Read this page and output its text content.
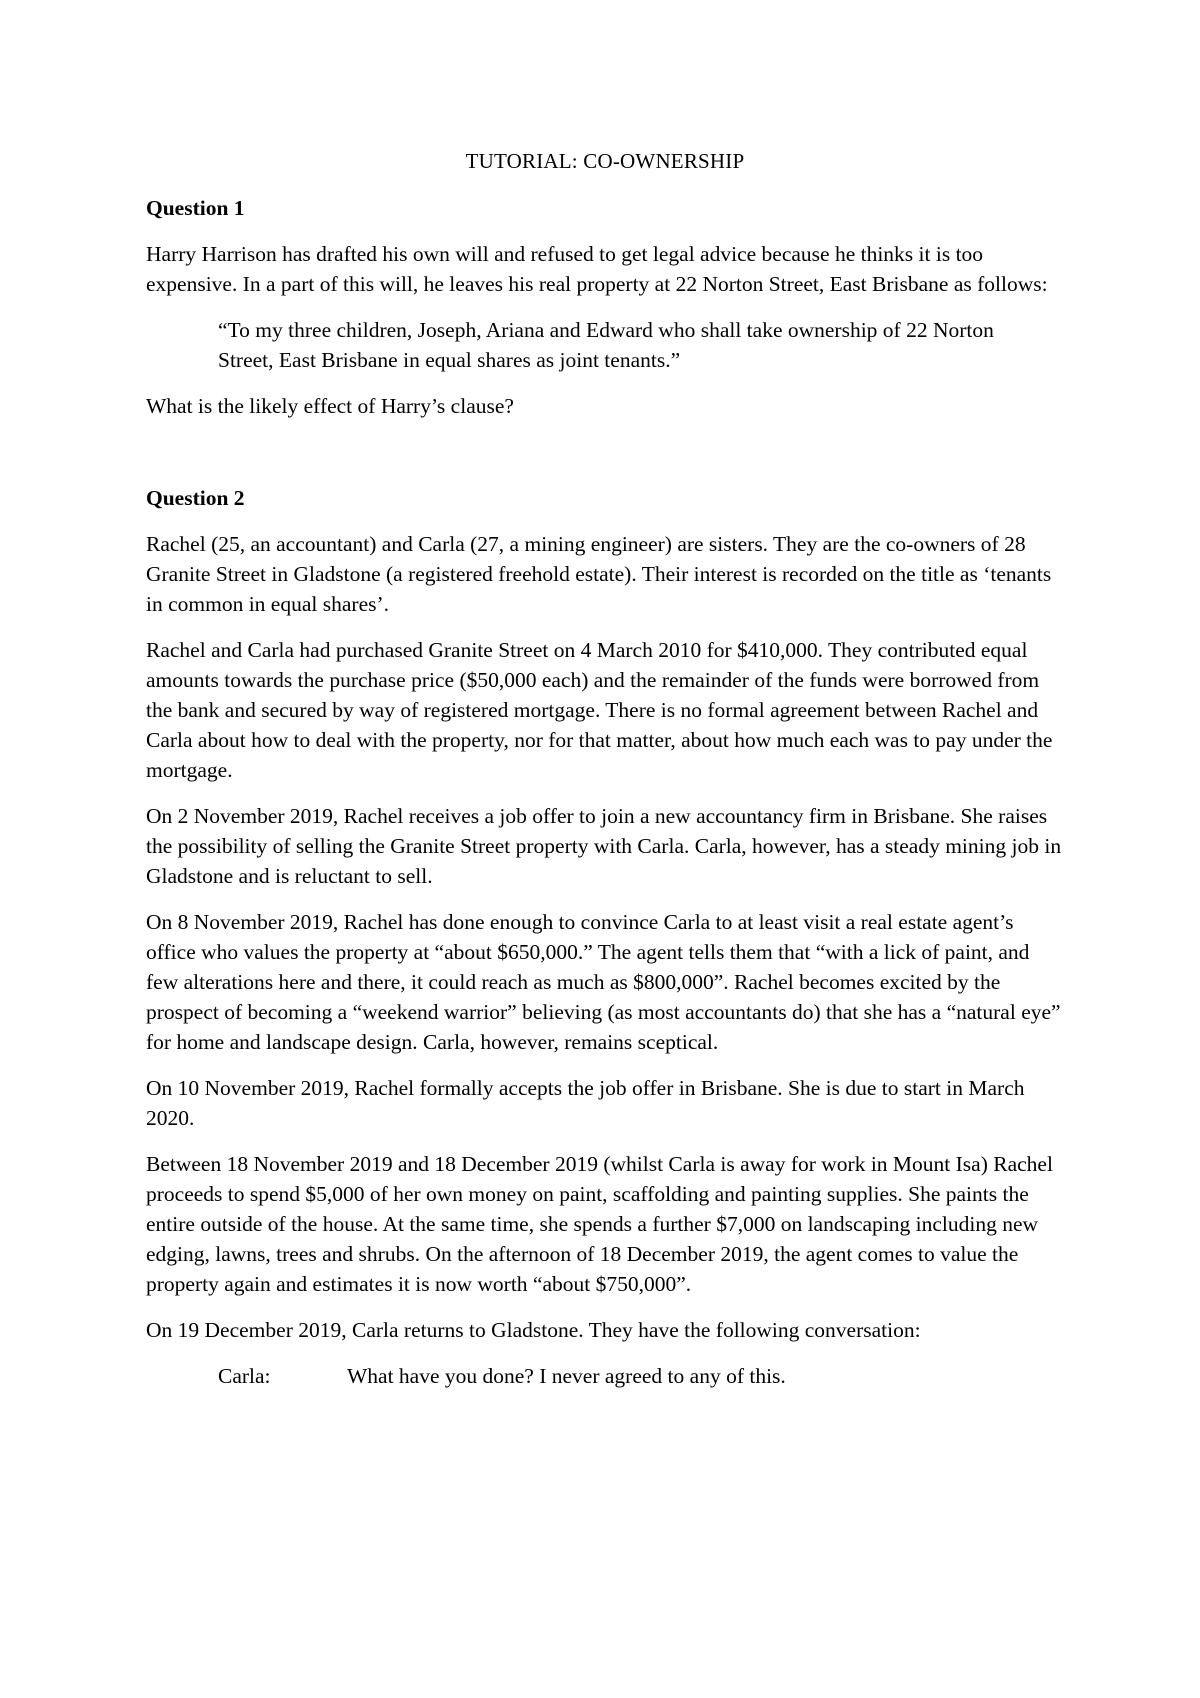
TUTORIAL: CO-OWNERSHIP
Question 1

Harry Harrison has drafted his own will and refused to get legal advice because he thinks it is too expensive. In a part of this will, he leaves his real property at 22 Norton Street, East Brisbane as follows:

“To my three children, Joseph, Ariana and Edward who shall take ownership of 22 Norton Street, East Brisbane in equal shares as joint tenants.”

What is the likely effect of Harry’s clause?

Question 2

Rachel (25, an accountant) and Carla (27, a mining engineer) are sisters. They are the co-owners of 28 Granite Street in Gladstone (a registered freehold estate). Their interest is recorded on the title as ‘tenants in common in equal shares’.

Rachel and Carla had purchased Granite Street on 4 March 2010 for $410,000. They contributed equal amounts towards the purchase price ($50,000 each) and the remainder of the funds were borrowed from the bank and secured by way of registered mortgage. There is no formal agreement between Rachel and Carla about how to deal with the property, nor for that matter, about how much each was to pay under the mortgage.

On 2 November 2019, Rachel receives a job offer to join a new accountancy firm in Brisbane. She raises the possibility of selling the Granite Street property with Carla. Carla, however, has a steady mining job in Gladstone and is reluctant to sell.

On 8 November 2019, Rachel has done enough to convince Carla to at least visit a real estate agent’s office who values the property at “about $650,000.” The agent tells them that “with a lick of paint, and few alterations here and there, it could reach as much as $800,000”. Rachel becomes excited by the prospect of becoming a “weekend warrior” believing (as most accountants do) that she has a “natural eye” for home and landscape design. Carla, however, remains sceptical.

On 10 November 2019, Rachel formally accepts the job offer in Brisbane. She is due to start in March 2020.

Between 18 November 2019 and 18 December 2019 (whilst Carla is away for work in Mount Isa) Rachel proceeds to spend $5,000 of her own money on paint, scaffolding and painting supplies. She paints the entire outside of the house. At the same time, she spends a further $7,000 on landscaping including new edging, lawns, trees and shrubs. On the afternoon of 18 December 2019, the agent comes to value the property again and estimates it is now worth “about $750,000”.

On 19 December 2019, Carla returns to Gladstone. They have the following conversation:

Carla:	What have you done? I never agreed to any of this.
